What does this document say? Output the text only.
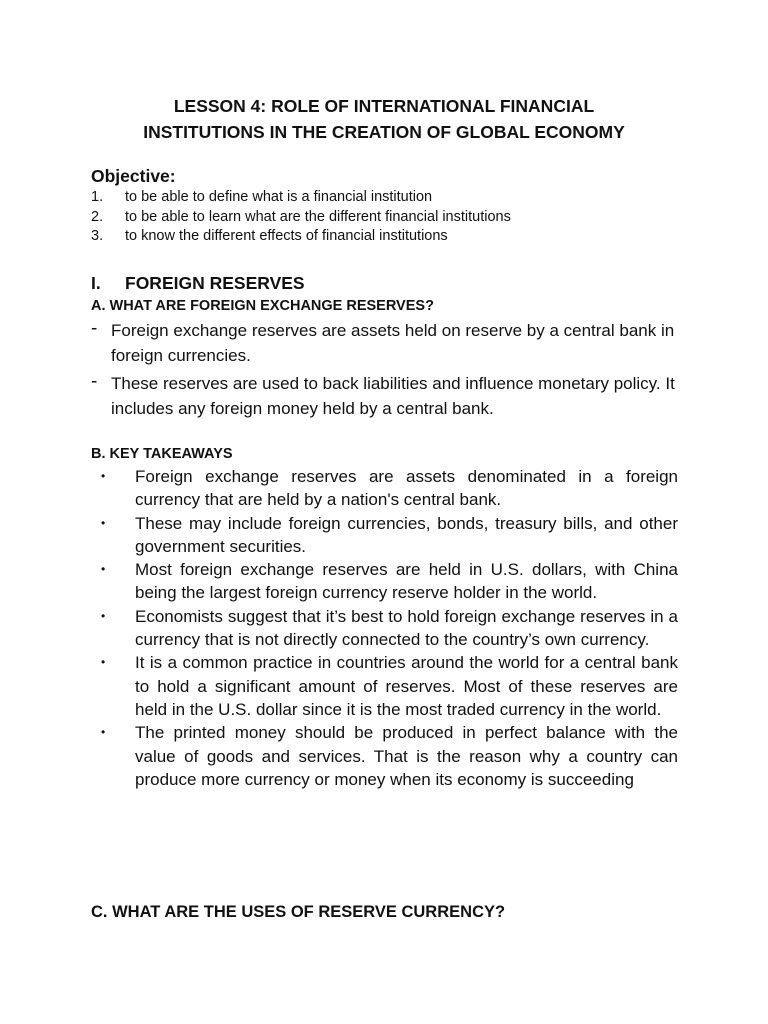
LESSON 4: ROLE OF INTERNATIONAL FINANCIAL
INSTITUTIONS IN THE CREATION OF GLOBAL ECONOMY
Objective:
1. to be able to define what is a financial institution
2. to be able to learn what are the different financial institutions
3. to know the different effects of financial institutions
I. FOREIGN RESERVES
A. WHAT ARE FOREIGN EXCHANGE RESERVES?
- Foreign exchange reserves are assets held on reserve by a central bank in foreign currencies.
- These reserves are used to back liabilities and influence monetary policy. It includes any foreign money held by a central bank.
B. KEY TAKEAWAYS
• Foreign exchange reserves are assets denominated in a foreign currency that are held by a nation's central bank.
• These may include foreign currencies, bonds, treasury bills, and other government securities.
• Most foreign exchange reserves are held in U.S. dollars, with China being the largest foreign currency reserve holder in the world.
• Economists suggest that it’s best to hold foreign exchange reserves in a currency that is not directly connected to the country’s own currency.
• It is a common practice in countries around the world for a central bank to hold a significant amount of reserves. Most of these reserves are held in the U.S. dollar since it is the most traded currency in the world.
• The printed money should be produced in perfect balance with the value of goods and services. That is the reason why a country can produce more currency or money when its economy is succeeding
C. WHAT ARE THE USES OF RESERVE CURRENCY?
